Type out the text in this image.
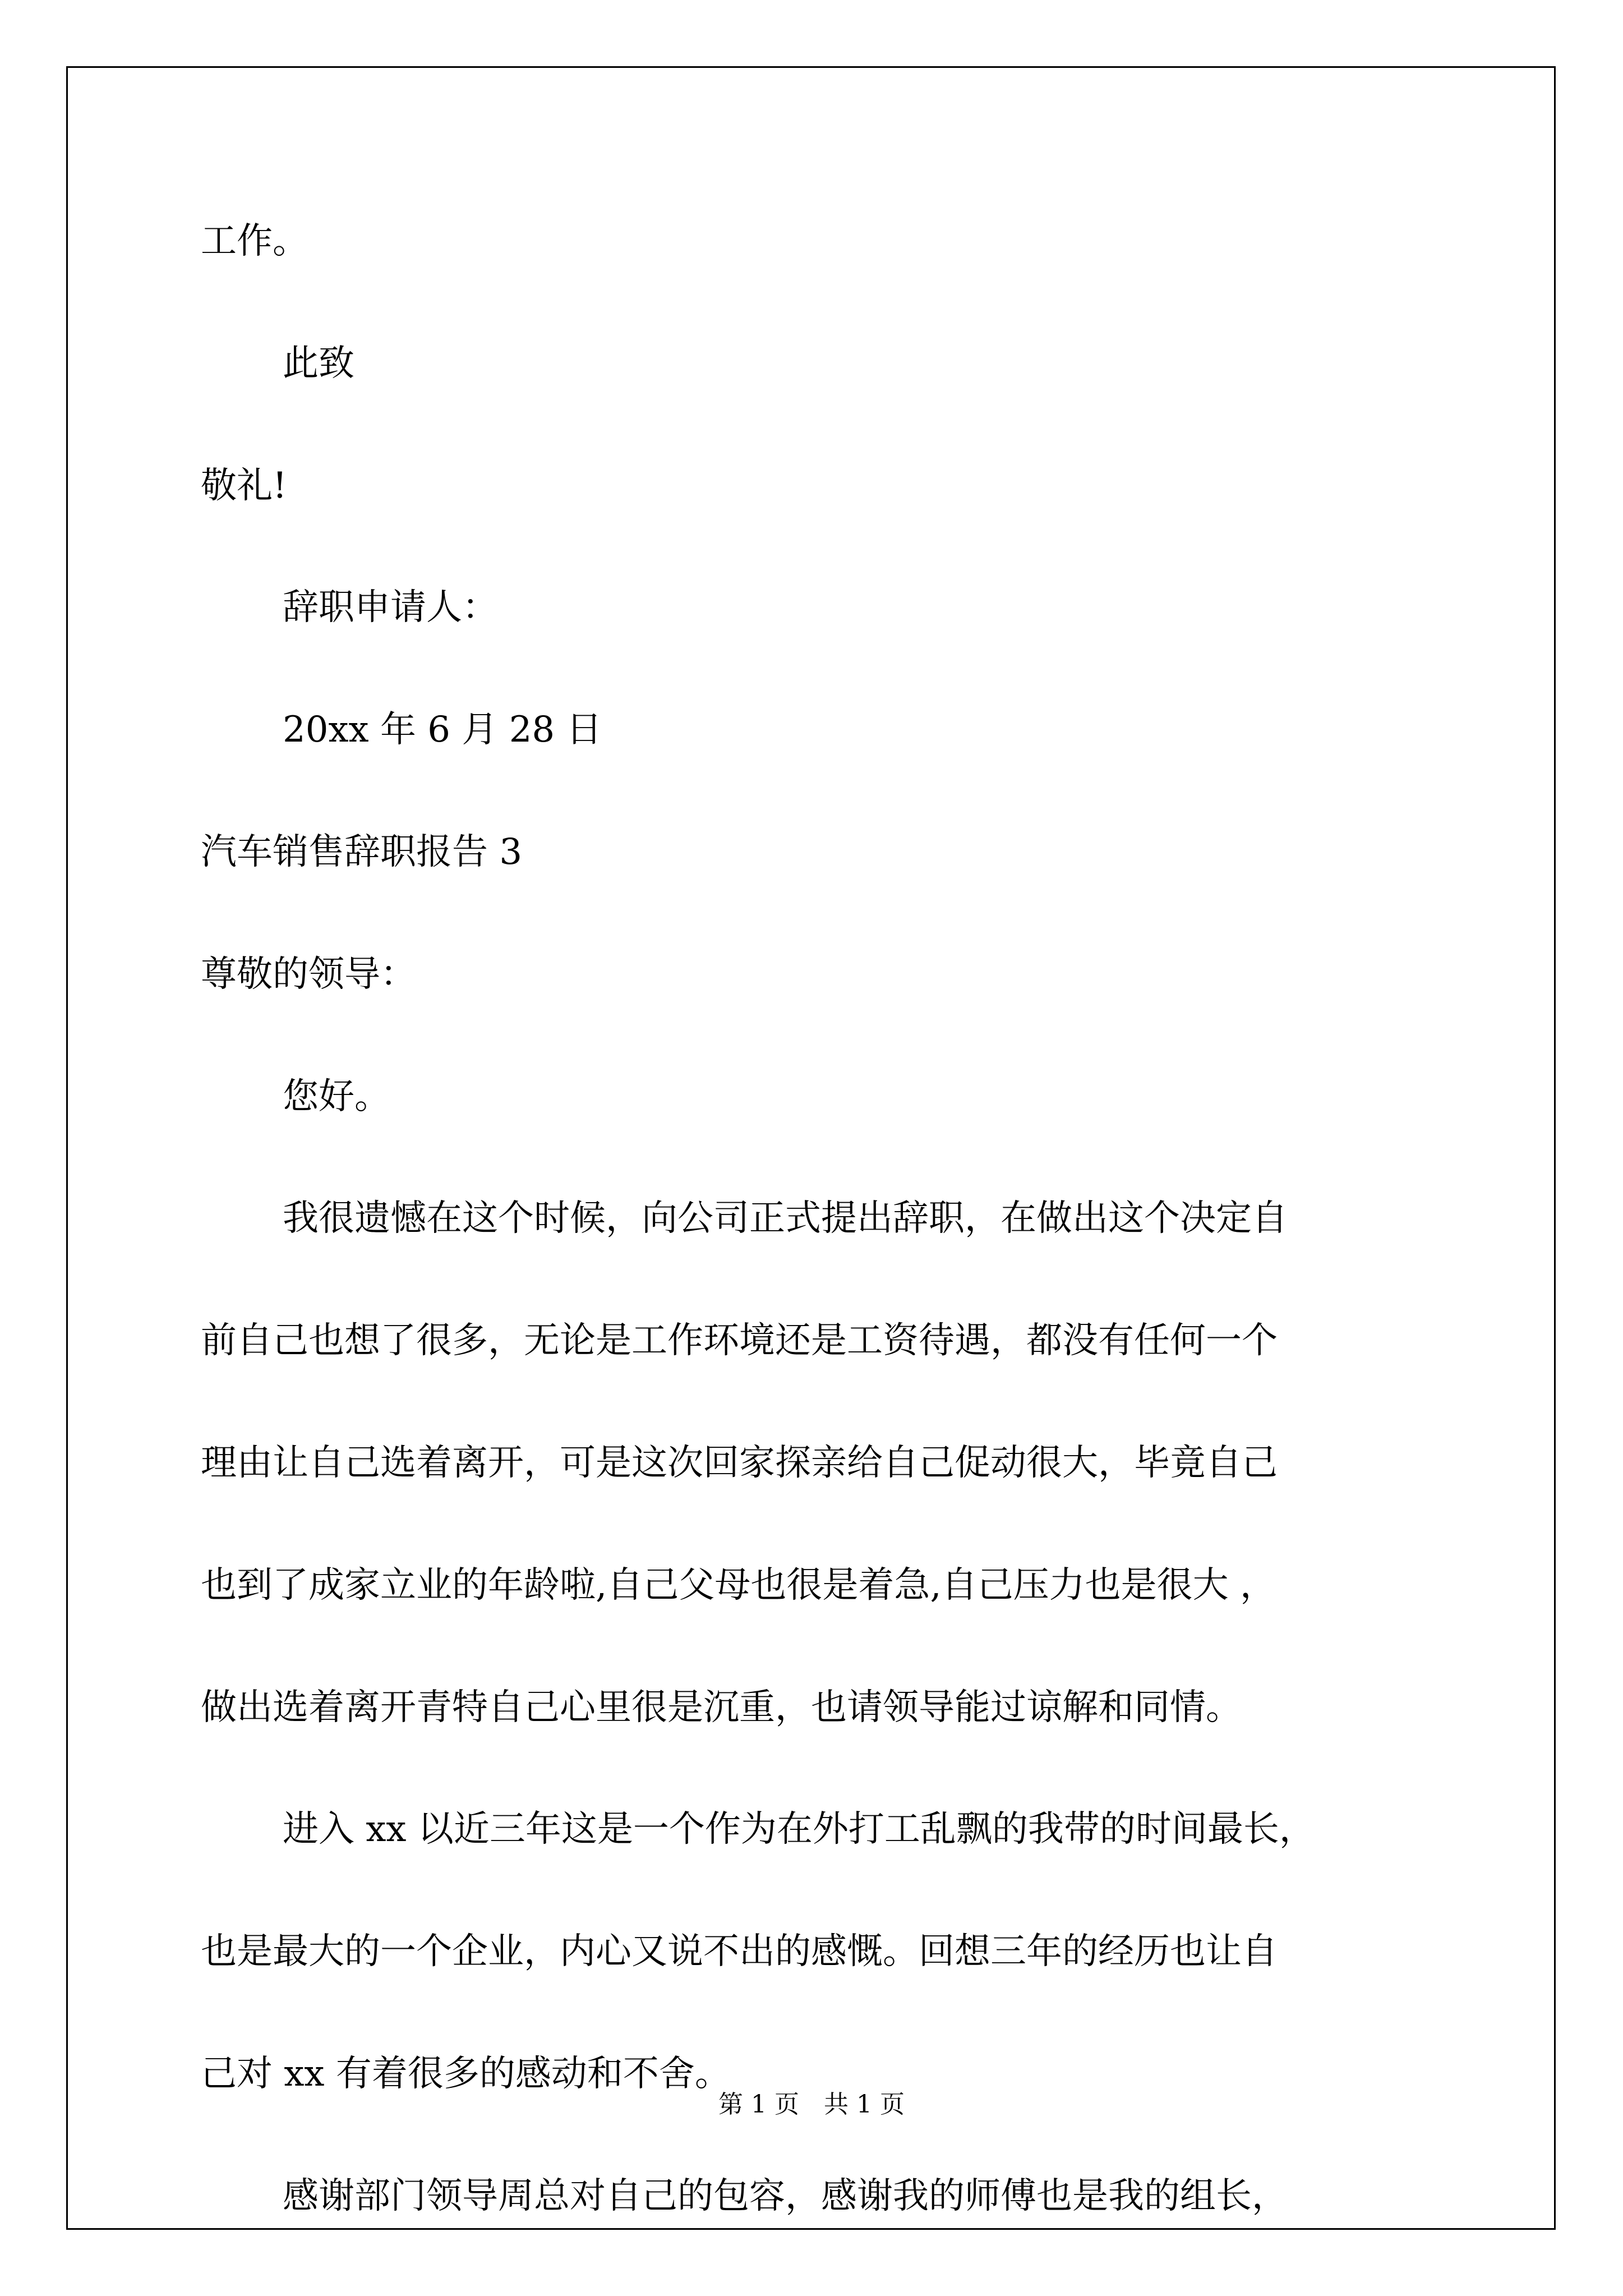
工作。
此致
敬礼!
辞职申请人：
20xx 年 6 月 28 日
汽车销售辞职报告 3
尊敬的领导：
您好。
我很遗憾在这个时候，向公司正式提出辞职，在做出这个决定自
前自己也想了很多，无论是工作环境还是工资待遇，都没有任何一个
理由让自己选着离开，可是这次回家探亲给自己促动很大，毕竟自己
也到了成家立业的年龄啦,自己父母也很是着急,自己压力也是很大 ，
做出选着离开青特自己心里很是沉重，也请领导能过谅解和同情。
进入 xx 以近三年这是一个作为在外打工乱飘的我带的时间最长，
也是最大的一个企业，内心又说不出的感慨。回想三年的经历也让自
己对 xx 有着很多的感动和不舍。
感谢部门领导周总对自己的包容，感谢我的师傅也是我的组长，
第 1 页　共 1 页
